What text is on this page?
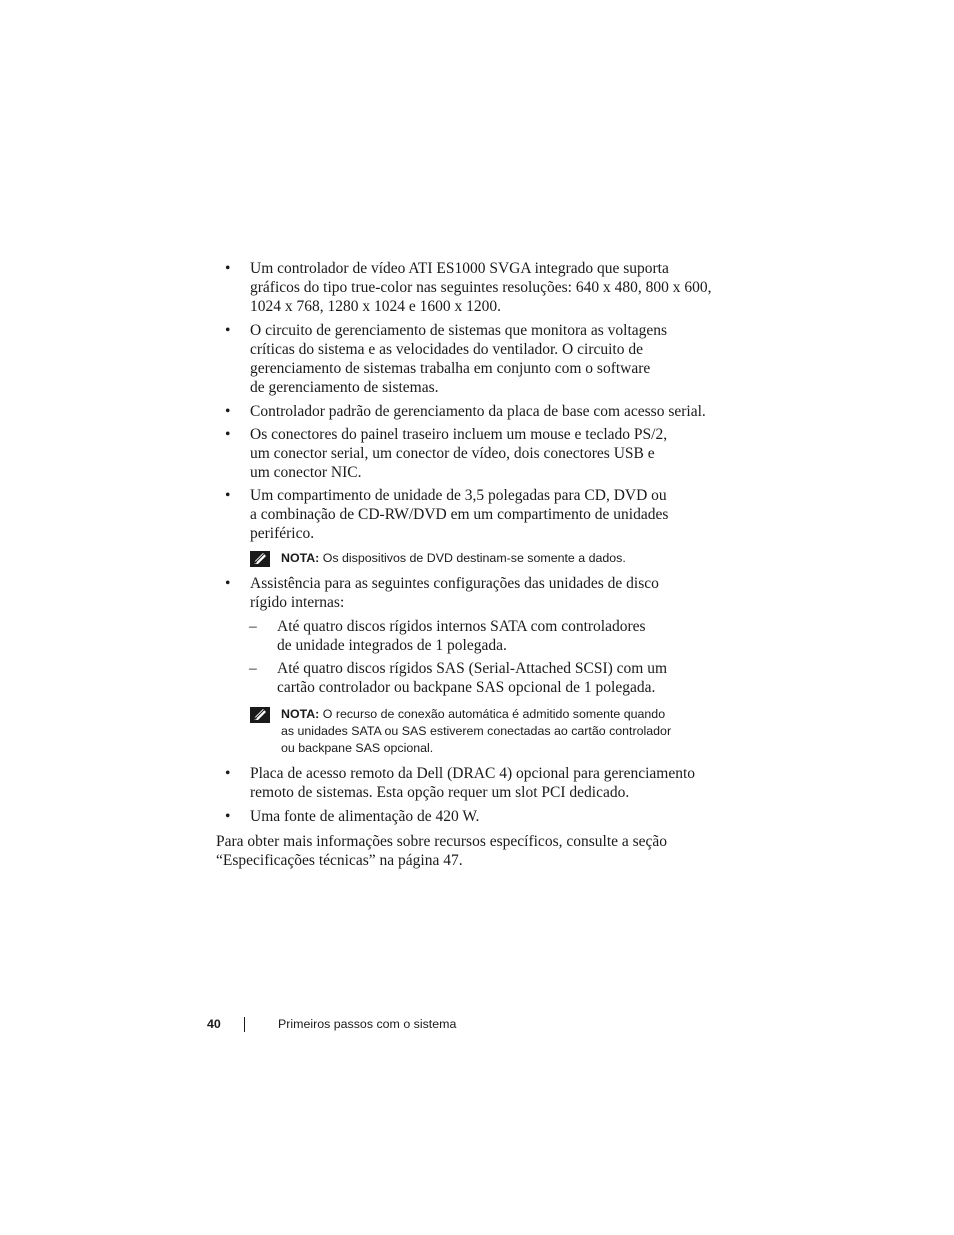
• Um controlador de vídeo ATI ES1000 SVGA integrado que suporta
gráficos do tipo true-color nas seguintes resoluções: 640 x 480, 800 x 600,
1024 x 768, 1280 x 1024 e 1600 x 1200.
• O circuito de gerenciamento de sistemas que monitora as voltagens
críticas do sistema e as velocidades do ventilador. O circuito de
gerenciamento de sistemas trabalha em conjunto com o software
de gerenciamento de sistemas.
• Controlador padrão de gerenciamento da placa de base com acesso serial.
• Os conectores do painel traseiro incluem um mouse e teclado PS/2,
um conector serial, um conector de vídeo, dois conectores USB e
um conector NIC.
• Um compartimento de unidade de 3,5 polegadas para CD, DVD ou
a combinação de CD-RW/DVD em um compartimento de unidades
periférico.
NOTA: Os dispositivos de DVD destinam-se somente a dados.
• Assistência para as seguintes configurações das unidades de disco
rígido internas:
– Até quatro discos rígidos internos SATA com controladores
de unidade integrados de 1 polegada.
– Até quatro discos rígidos SAS (Serial-Attached SCSI) com um
cartão controlador ou backpane SAS opcional de 1 polegada.
NOTA: O recurso de conexão automática é admitido somente quando
as unidades SATA ou SAS estiverem conectadas ao cartão controlador
ou backpane SAS opcional.
• Placa de acesso remoto da Dell (DRAC 4) opcional para gerenciamento
remoto de sistemas. Esta opção requer um slot PCI dedicado.
• Uma fonte de alimentação de 420 W.
Para obter mais informações sobre recursos específicos, consulte a seção
“Especificações técnicas” na página 47.
40	Primeiros passos com o sistema
